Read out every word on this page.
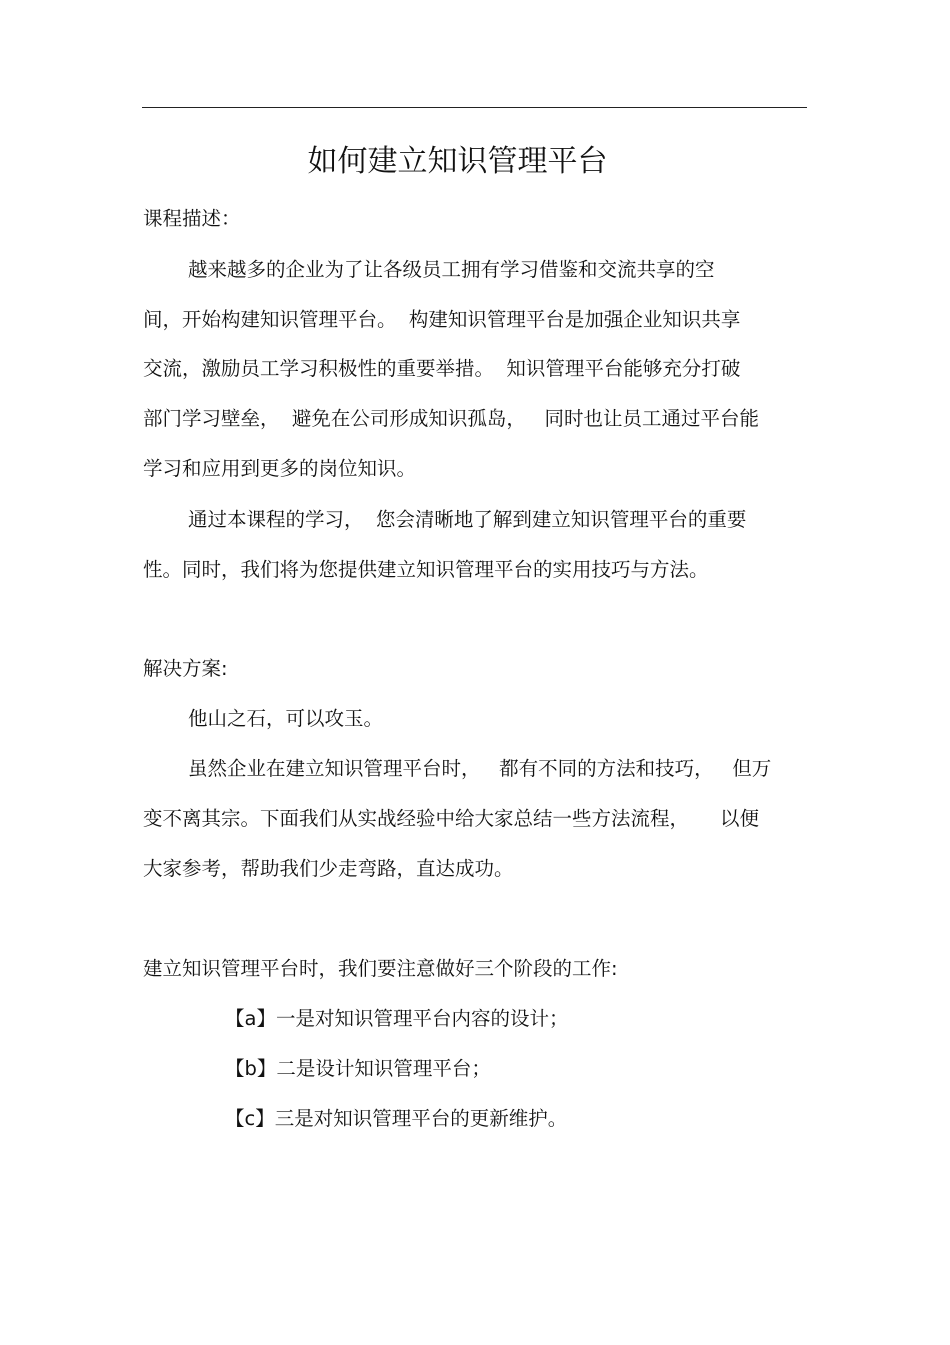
如何建立知识管理平台
课程描述：
越来越多的企业为了让各级员工拥有学习借鉴和交流共享的空
间，开始构建知识管理平台。  构建知识管理平台是加强企业知识共享
交流，激励员工学习积极性的重要举措。  知识管理平台能够充分打破
部门学习壁垒，  避免在公司形成知识孤岛，   同时也让员工通过平台能
学习和应用到更多的岗位知识。
通过本课程的学习，  您会清晰地了解到建立知识管理平台的重要
性。同时，我们将为您提供建立知识管理平台的实用技巧与方法。
解决方案:
他山之石，可以攻玉。
虽然企业在建立知识管理平台时，   都有不同的方法和技巧，   但万
变不离其宗。下面我们从实战经验中给大家总结一些方法流程，     以便
大家参考，帮助我们少走弯路，直达成功。
建立知识管理平台时，我们要注意做好三个阶段的工作:
【a】一是对知识管理平台内容的设计；
【b】二是设计知识管理平台；
【c】三是对知识管理平台的更新维护。
